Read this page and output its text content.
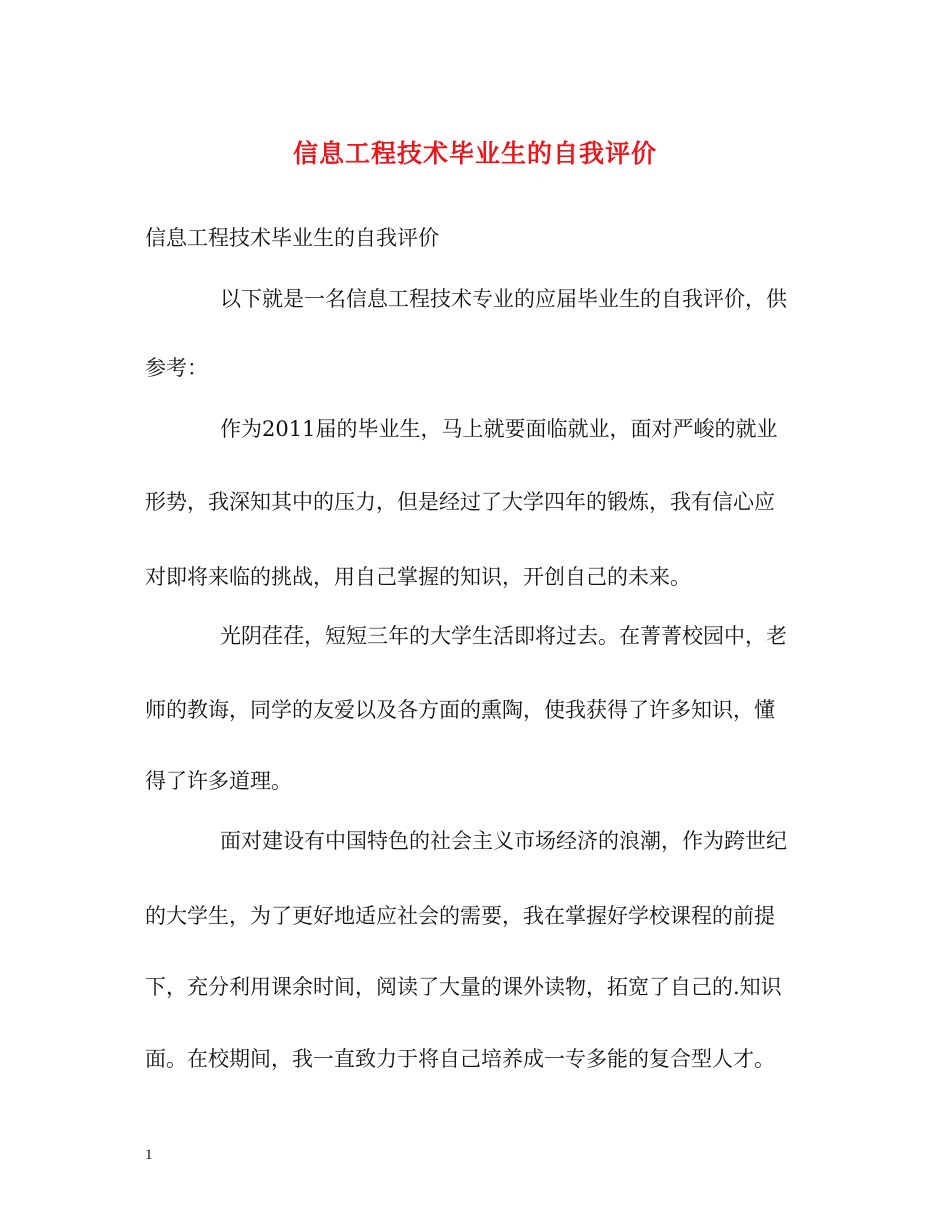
信息工程技术毕业生的自我评价
信息工程技术毕业生的自我评价
以下就是一名信息工程技术专业的应届毕业生的自我评价，供
参考：
作为2011届的毕业生，马上就要面临就业，面对严峻的就业
形势，我深知其中的压力，但是经过了大学四年的锻炼，我有信心应
对即将来临的挑战，用自己掌握的知识，开创自己的未来。
光阴荏荏，短短三年的大学生活即将过去。在菁菁校园中，老
师的教诲，同学的友爱以及各方面的熏陶，使我获得了许多知识，懂
得了许多道理。
面对建设有中国特色的社会主义市场经济的浪潮，作为跨世纪
的大学生，为了更好地适应社会的需要，我在掌握好学校课程的前提
下，充分利用课余时间，阅读了大量的课外读物，拓宽了自己的.知识
面。在校期间，我一直致力于将自己培养成一专多能的复合型人才。
1
